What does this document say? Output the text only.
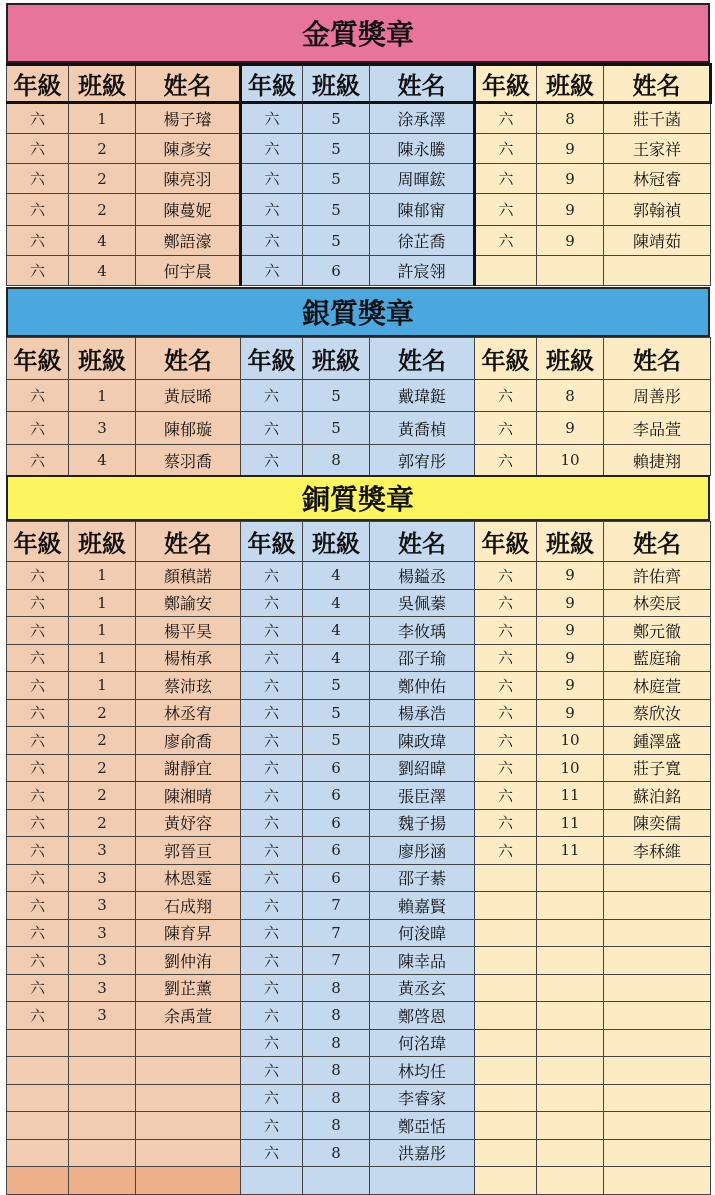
金質獎章
年級	班級	姓名	年級	班級	姓名	年級	班級	姓名
六	1	楊子璿	六	5	涂承澤	六	8	莊千菡
六	2	陳彥安	六	5	陳永騰	六	9	王家祥
六	2	陳亮羽	六	5	周暉鋐	六	9	林冠睿
六	2	陳蔓妮	六	5	陳郁甯	六	9	郭翰禎
六	4	鄭語濠	六	5	徐芷喬	六	9	陳靖茹
六	4	何宇晨	六	6	許宸翎			
銀質獎章
年級	班級	姓名	年級	班級	姓名	年級	班級	姓名
六	1	黃辰晞	六	5	戴瑋鋌	六	8	周善彤
六	3	陳郁璇	六	5	黃喬楨	六	9	李品萱
六	4	蔡羽喬	六	8	郭宥彤	六	10	賴捷翔
銅質獎章
年級	班級	姓名	年級	班級	姓名	年級	班級	姓名
六	1	顏稹諾	六	4	楊鎰丞	六	9	許佑齊
六	1	鄭諭安	六	4	吳佩蓁	六	9	林奕辰
六	1	楊平昊	六	4	李攸瑀	六	9	鄭元徹
六	1	楊栯承	六	4	邵子瑜	六	9	藍庭瑜
六	1	蔡沛玹	六	5	鄭仲佑	六	9	林庭萱
六	2	林丞宥	六	5	楊承浩	六	9	蔡欣汝
六	2	廖俞喬	六	5	陳政瑋	六	10	鍾澤盛
六	2	謝靜宜	六	6	劉紹暐	六	10	莊子寬
六	2	陳湘晴	六	6	張臣澤	六	11	蘇泊銘
六	2	黃妤容	六	6	魏子揚	六	11	陳奕儒
六	3	郭晉亘	六	6	廖彤涵	六	11	李秝維
六	3	林恩霆	六	6	邵子綦			
六	3	石成翔	六	7	賴嘉賢			
六	3	陳育昇	六	7	何浚暐			
六	3	劉仲洧	六	7	陳幸品			
六	3	劉芷薰	六	8	黃丞玄			
六	3	余禹萱	六	8	鄭啓恩			
			六	8	何洺瑋			
			六	8	林均任			
			六	8	李睿家			
			六	8	鄭亞恬			
			六	8	洪嘉彤			
